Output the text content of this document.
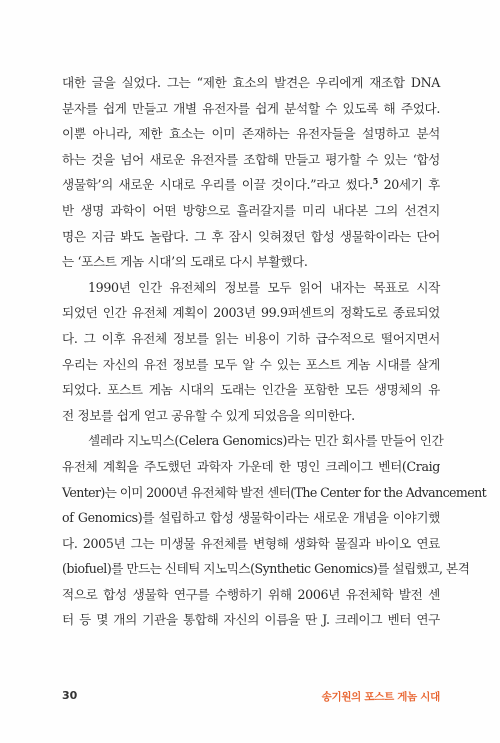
대한 글을 실었다. 그는 “제한 효소의 발견은 우리에게 재조합 DNA
분자를 쉽게 만들고 개별 유전자를 쉽게 분석할 수 있도록 해 주었다.
이뿐 아니라, 제한 효소는 이미 존재하는 유전자들을 설명하고 분석
하는 것을 넘어 새로운 유전자를 조합해 만들고 평가할 수 있는 ‘합성
생물학’의 새로운 시대로 우리를 이끌 것이다.”라고 썼다.$^5$ 20세기 후
반 생명 과학이 어떤 방향으로 흘러갈지를 미리 내다본 그의 선견지
명은 지금 봐도 놀랍다. 그 후 잠시 잊혀졌던 합성 생물학이라는 단어
는 ‘포스트 게놈 시대’의 도래로 다시 부활했다.
1990년 인간 유전체의 정보를 모두 읽어 내자는 목표로 시작
되었던 인간 유전체 계획이 2003년 99.9퍼센트의 정확도로 종료되었
다. 그 이후 유전체 정보를 읽는 비용이 기하 급수적으로 떨어지면서
우리는 자신의 유전 정보를 모두 알 수 있는 포스트 게놈 시대를 살게
되었다. 포스트 게놈 시대의 도래는 인간을 포함한 모든 생명체의 유
전 정보를 쉽게 얻고 공유할 수 있게 되었음을 의미한다.
셀레라 지노믹스(Celera Genomics)라는 민간 회사를 만들어 인간
유전체 계획을 주도했던 과학자 가운데 한 명인 크레이그 벤터(Craig
Venter)는 이미 2000년 유전체학 발전 센터(The Center for the Advancement
of Genomics)를 설립하고 합성 생물학이라는 새로운 개념을 이야기했
다. 2005년 그는 미생물 유전체를 변형해 생화학 물질과 바이오 연료
(biofuel)를 만드는 신테틱 지노믹스(Synthetic Genomics)를 설립했고, 본격
적으로 합성 생물학 연구를 수행하기 위해 2006년 유전체학 발전 센
터 등 몇 개의 기관을 통합해 자신의 이름을 딴 J. 크레이그 벤터 연구
30	송기원의 포스트 게놈 시대
